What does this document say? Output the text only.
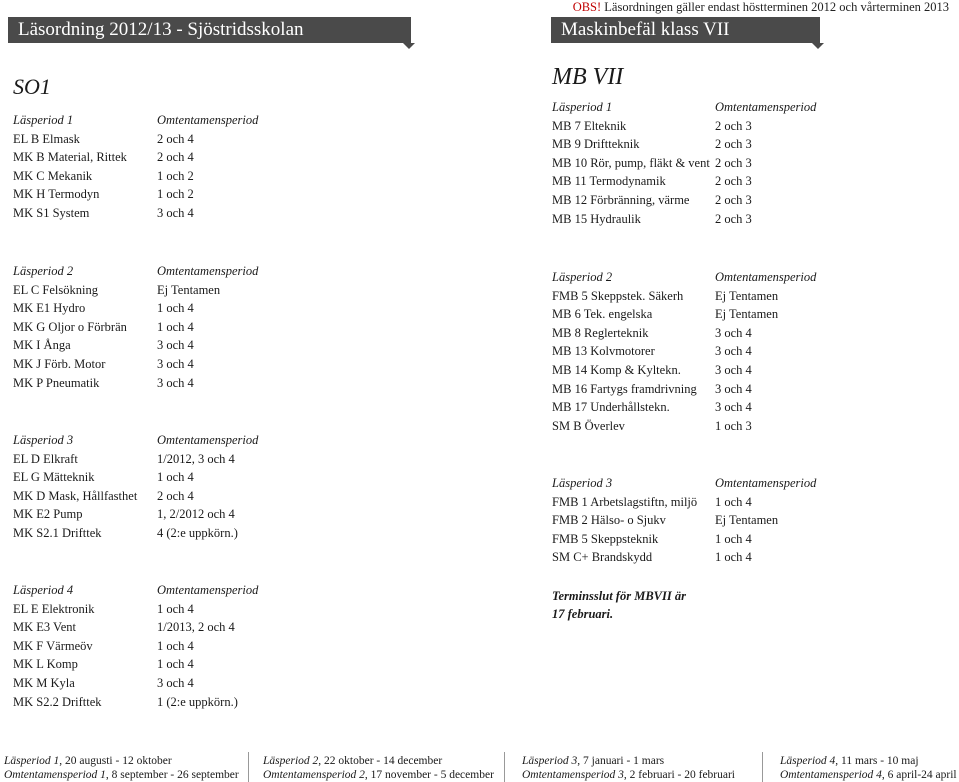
OBS! Läsordningen gäller endast höstterminen 2012 och vårterminen 2013
Läsordning 2012/13 - Sjöstridsskolan	Maskinbefäl klass VII
SO1
Läsperiod 1	Omtentamensperiod
EL B Elmask	2 och 4
MK B Material, Rittek 2 och 4
MK C Mekanik	1 och 2
MK H Termodyn	1 och 2
MK S1 System	3 och 4
Läsperiod 2	Omtentamensperiod
EL C Felsökning	Ej Tentamen
MK E1 Hydro	1 och 4
MK G Oljor o Förbrän 1 och 4
MK I Ånga	3 och 4
MK J Förb. Motor	3 och 4
MK P Pneumatik	3 och 4
Läsperiod 3	Omtentamensperiod
EL D Elkraft	1/2012, 3 och 4
EL G Mätteknik	1 och 4
MK D Mask, Hållfasthet 2 och 4
MK E2 Pump	1, 2/2012 och 4
MK S2.1 Drifttek	4 (2:e uppkörn.)
Läsperiod 4	Omtentamensperiod
EL E Elektronik	1 och 4
MK E3 Vent	1/2013, 2 och 4
MK F Värmeöv	1 och 4
MK L Komp	1 och 4
MK M Kyla	3 och 4
MK S2.2 Drifttek	1 (2:e uppkörn.)
MB VII
Läsperiod 1	Omtentamensperiod
MB 7 Elteknik	2 och 3
MB 9 Driftteknik	2 och 3
MB 10 Rör, pump, fläkt & vent 2 och 3
MB 11 Termodynamik	2 och 3
MB 12 Förbränning, värme 2 och 3
MB 15 Hydraulik	2 och 3
Läsperiod 2	Omtentamensperiod
FMB 5 Skeppstek. Säkerh	Ej Tentamen
MB 6 Tek. engelska	Ej Tentamen
MB 8 Reglerteknik	3 och 4
MB 13 Kolvmotorer	3 och 4
MB 14 Komp & Kyltekn.	3 och 4
MB 16 Fartygs framdrivning 3 och 4
MB 17 Underhållstekn.	3 och 4
SM B Överlev	1 och 3
Läsperiod 3	Omtentamensperiod
FMB 1 Arbetslagstiftn, miljö 1 och 4
FMB 2 Hälso- o Sjukv	Ej Tentamen
FMB 5 Skeppsteknik	1 och 4
SM C+ Brandskydd	1 och 4
Terminsslut för MBVII är
17 februari.
Läsperiod 1, 20 augusti - 12 oktober
Omtentamensperiod 1, 8 september - 26 september
Läsperiod 2, 22 oktober - 14 december
Omtentamensperiod 2, 17 november - 5 december
Läsperiod 3, 7 januari - 1 mars
Omtentamensperiod 3, 2 februari - 20 februari
Läsperiod 4, 11 mars - 10 maj
Omtentamensperiod 4, 6 april-24 april
